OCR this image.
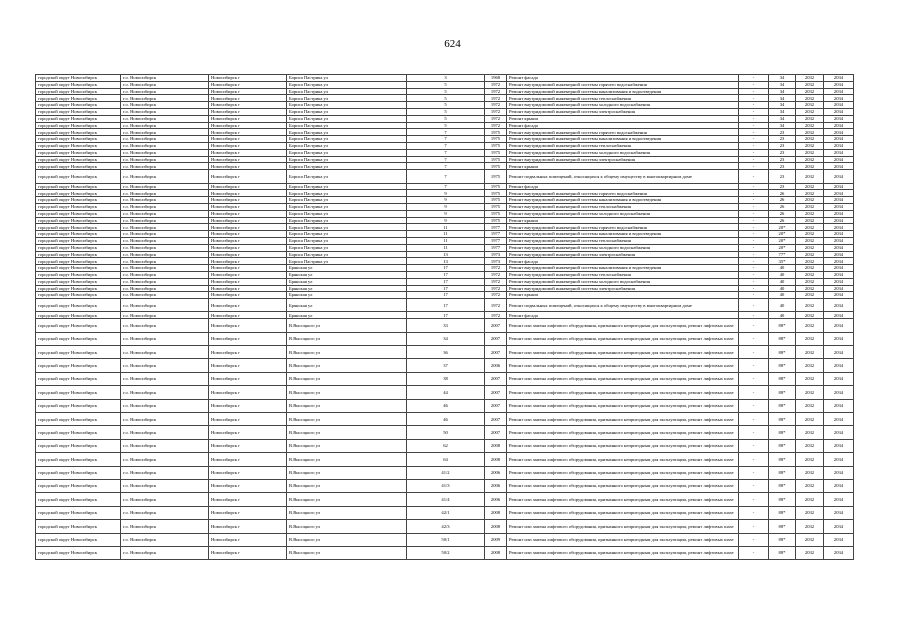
624
городской округ Новосибирск	г.о. Новосибирск	Новосибирск г	Бориса Пастрика ул	3	1968	Ремонт фасада	-	34	2032	2034
городской округ Новосибирск	г.о. Новосибирск	Новосибирск г	Бориса Пастрика ул	5	1972	Ремонт внутридомовой инженерной системы горячего водоснабжения	-	34	2032	2034
городской округ Новосибирск	г.о. Новосибирск	Новосибирск г	Бориса Пастрика ул	5	1972	Ремонт внутридомовой инженерной системы канализования и водоотведения	-	34	2032	2034
городской округ Новосибирск	г.о. Новосибирск	Новосибирск г	Бориса Пастрика ул	5	1972	Ремонт внутридомовой инженерной системы теплоснабжения	-	34	2032	2034
городской округ Новосибирск	г.о. Новосибирск	Новосибирск г	Бориса Пастрика ул	5	1972	Ремонт внутридомовой инженерной системы холодного водоснабжения	-	34	2032	2034
городской округ Новосибирск	г.о. Новосибирск	Новосибирск г	Бориса Пастрика ул	5	1972	Ремонт внутридомовой инженерной системы электроснабжения	-	34	2032	2034
городской округ Новосибирск	г.о. Новосибирск	Новосибирск г	Бориса Пастрика ул	5	1972	Ремонт крыши	-	34	2032	2034
городской округ Новосибирск	г.о. Новосибирск	Новосибирск г	Бориса Пастрика ул	5	1972	Ремонт фасада	-	34	2032	2034
городской округ Новосибирск	г.о. Новосибирск	Новосибирск г	Бориса Пастрика ул	7	1975	Ремонт внутридомовой инженерной системы горячего водоснабжения	-	23	2032	2034
городской округ Новосибирск	г.о. Новосибирск	Новосибирск г	Бориса Пастрика ул	7	1975	Ремонт внутридомовой инженерной системы канализования и водоотведения	-	23	2032	2034
городской округ Новосибирск	г.о. Новосибирск	Новосибирск г	Бориса Пастрика ул	7	1975	Ремонт внутридомовой инженерной системы теплоснабжения	-	23	2032	2034
городской округ Новосибирск	г.о. Новосибирск	Новосибирск г	Бориса Пастрика ул	7	1975	Ремонт внутридомовой инженерной системы холодного водоснабжения	-	23	2032	2034
городской округ Новосибирск	г.о. Новосибирск	Новосибирск г	Бориса Пастрика ул	7	1975	Ремонт внутридомовой инженерной системы электроснабжения	-	23	2032	2034
городской округ Новосибирск	г.о. Новосибирск	Новосибирск г	Бориса Пастрика ул	7	1975	Ремонт крыши	-	23	2032	2034
городской округ Новосибирск	г.о. Новосибирск	Новосибирск г	Бориса Пастрика ул	7	1975	Ремонт подвальных помещений, относящихся к общему имуществу в многоквартирном доме	-	23	2032	2034
городской округ Новосибирск	г.о. Новосибирск	Новосибирск г	Бориса Пастрика ул	7	1975	Ремонт фасада	-	23	2032	2034
городской округ Новосибирск	г.о. Новосибирск	Новосибирск г	Бориса Пастрика ул	9	1975	Ремонт внутридомовой инженерной системы горячего водоснабжения	-	26	2032	2034
городской округ Новосибирск	г.о. Новосибирск	Новосибирск г	Бориса Пастрика ул	9	1975	Ремонт внутридомовой инженерной системы канализования и водоотведения	-	26	2032	2034
городской округ Новосибирск	г.о. Новосибирск	Новосибирск г	Бориса Пастрика ул	9	1975	Ремонт внутридомовой инженерной системы теплоснабжения	-	26	2032	2034
городской округ Новосибирск	г.о. Новосибирск	Новосибирск г	Бориса Пастрика ул	9	1975	Ремонт внутридомовой инженерной системы холодного водоснабжения	-	26	2032	2034
городской округ Новосибирск	г.о. Новосибирск	Новосибирск г	Бориса Пастрика ул	9	1975	Ремонт крыши	-	26	2032	2034
городской округ Новосибирск	г.о. Новосибирск	Новосибирск г	Бориса Пастрика ул	11	1977	Ремонт внутридомовой инженерной системы горячего водоснабжения	-	20*	2032	2034
городской округ Новосибирск	г.о. Новосибирск	Новосибирск г	Бориса Пастрика ул	11	1977	Ремонт внутридомовой инженерной системы канализования и водоотведения	-	20*	2032	2034
городской округ Новосибирск	г.о. Новосибирск	Новосибирск г	Бориса Пастрика ул	11	1977	Ремонт внутридомовой инженерной системы теплоснабжения	-	20*	2032	2034
городской округ Новосибирск	г.о. Новосибирск	Новосибирск г	Бориса Пастрика ул	11	1977	Ремонт внутридомовой инженерной системы холодного водоснабжения	-	20*	2032	2034
городской округ Новосибирск	г.о. Новосибирск	Новосибирск г	Бориса Пастрика ул	13	1973	Ремонт внутридомовой инженерной системы электроснабжения	-	77*	2032	2034
городской округ Новосибирск	г.о. Новосибирск	Новосибирск г	Бориса Пастрика ул	13	1973	Ремонт фасада	-	35*	2032	2034
городской округ Новосибирск	г.о. Новосибирск	Новосибирск г	Брянская ул	17	1972	Ремонт внутридомовой инженерной системы канализования и водоотведения	-	40	2032	2034
городской округ Новосибирск	г.о. Новосибирск	Новосибирск г	Брянская ул	17	1972	Ремонт внутридомовой инженерной системы теплоснабжения	-	40	2032	2034
городской округ Новосибирск	г.о. Новосибирск	Новосибирск г	Брянская ул	17	1972	Ремонт внутридомовой инженерной системы холодного водоснабжения	-	40	2032	2034
городской округ Новосибирск	г.о. Новосибирск	Новосибирск г	Брянская ул	17	1972	Ремонт внутридомовой инженерной системы электроснабжения	-	40	2032	2034
городской округ Новосибирск	г.о. Новосибирск	Новосибирск г	Брянская ул	17	1972	Ремонт крыши	-	40	2032	2034
городской округ Новосибирск	г.о. Новосибирск	Новосибирск г	Брянская ул	17	1972	Ремонт подвальных помещений, относящихся к общему имуществу в многоквартирном доме	-	40	2032	2034
городской округ Новосибирск	г.о. Новосибирск	Новосибирск г	Брянская ул	17	1972	Ремонт фасада	-	40	2032	2034
городской округ Новосибирск	г.о. Новосибирск	Новосибирск г	В.Высоцкого ул	33	2007	Ремонт или замена лифтового оборудования, признанного непригодным для эксплуатации, ремонт лифтовых шахт	-	88*	2032	2034
городской округ Новосибирск	г.о. Новосибирск	Новосибирск г	В.Высоцкого ул	34	2007	Ремонт или замена лифтового оборудования, признанного непригодным для эксплуатации, ремонт лифтовых шахт	-	88*	2032	2034
городской округ Новосибирск	г.о. Новосибирск	Новосибирск г	В.Высоцкого ул	36	2007	Ремонт или замена лифтового оборудования, признанного непригодным для эксплуатации, ремонт лифтовых шахт	-	88*	2032	2034
городской округ Новосибирск	г.о. Новосибирск	Новосибирск г	В.Высоцкого ул	37	2006	Ремонт или замена лифтового оборудования, признанного непригодным для эксплуатации, ремонт лифтовых шахт	-	88*	2032	2034
городской округ Новосибирск	г.о. Новосибирск	Новосибирск г	В.Высоцкого ул	38	2007	Ремонт или замена лифтового оборудования, признанного непригодным для эксплуатации, ремонт лифтовых шахт	-	88*	2032	2034
городской округ Новосибирск	г.о. Новосибирск	Новосибирск г	В.Высоцкого ул	44	2007	Ремонт или замена лифтового оборудования, признанного непригодным для эксплуатации, ремонт лифтовых шахт	-	88*	2032	2034
городской округ Новосибирск	г.о. Новосибирск	Новосибирск г	В.Высоцкого ул	46	2007	Ремонт или замена лифтового оборудования, признанного непригодным для эксплуатации, ремонт лифтовых шахт	-	88*	2032	2034
городской округ Новосибирск	г.о. Новосибирск	Новосибирск г	В.Высоцкого ул	46	2007	Ремонт или замена лифтового оборудования, признанного непригодным для эксплуатации, ремонт лифтовых шахт	-	88*	2032	2034
городской округ Новосибирск	г.о. Новосибирск	Новосибирск г	В.Высоцкого ул	50	2007	Ремонт или замена лифтового оборудования, признанного непригодным для эксплуатации, ремонт лифтовых шахт	-	88*	2032	2034
городской округ Новосибирск	г.о. Новосибирск	Новосибирск г	В.Высоцкого ул	62	2008	Ремонт или замена лифтового оборудования, признанного непригодным для эксплуатации, ремонт лифтовых шахт	-	88*	2032	2034
городской округ Новосибирск	г.о. Новосибирск	Новосибирск г	В.Высоцкого ул	64	2008	Ремонт или замена лифтового оборудования, признанного непригодным для эксплуатации, ремонт лифтовых шахт	-	88*	2032	2034
городской округ Новосибирск	г.о. Новосибирск	Новосибирск г	В.Высоцкого ул	41/2	2006	Ремонт или замена лифтового оборудования, признанного непригодным для эксплуатации, ремонт лифтовых шахт	-	88*	2032	2034
городской округ Новосибирск	г.о. Новосибирск	Новосибирск г	В.Высоцкого ул	41/3	2006	Ремонт или замена лифтового оборудования, признанного непригодным для эксплуатации, ремонт лифтовых шахт	-	88*	2032	2034
городской округ Новосибирск	г.о. Новосибирск	Новосибирск г	В.Высоцкого ул	41/4	2006	Ремонт или замена лифтового оборудования, признанного непригодным для эксплуатации, ремонт лифтовых шахт	-	88*	2032	2034
городской округ Новосибирск	г.о. Новосибирск	Новосибирск г	В.Высоцкого ул	42/1	2008	Ремонт или замена лифтового оборудования, признанного непригодным для эксплуатации, ремонт лифтовых шахт	-	88*	2032	2034
городской округ Новосибирск	г.о. Новосибирск	Новосибирск г	В.Высоцкого ул	42/3	2008	Ремонт или замена лифтового оборудования, признанного непригодным для эксплуатации, ремонт лифтовых шахт	-	88*	2032	2034
городской округ Новосибирск	г.о. Новосибирск	Новосибирск г	В.Высоцкого ул	50/1	2009	Ремонт или замена лифтового оборудования, признанного непригодным для эксплуатации, ремонт лифтовых шахт	-	88*	2032	2034
городской округ Новосибирск	г.о. Новосибирск	Новосибирск г	В.Высоцкого ул	50/2	2008	Ремонт или замена лифтового оборудования, признанного непригодным для эксплуатации, ремонт лифтовых шахт	-	88*	2032	2034
